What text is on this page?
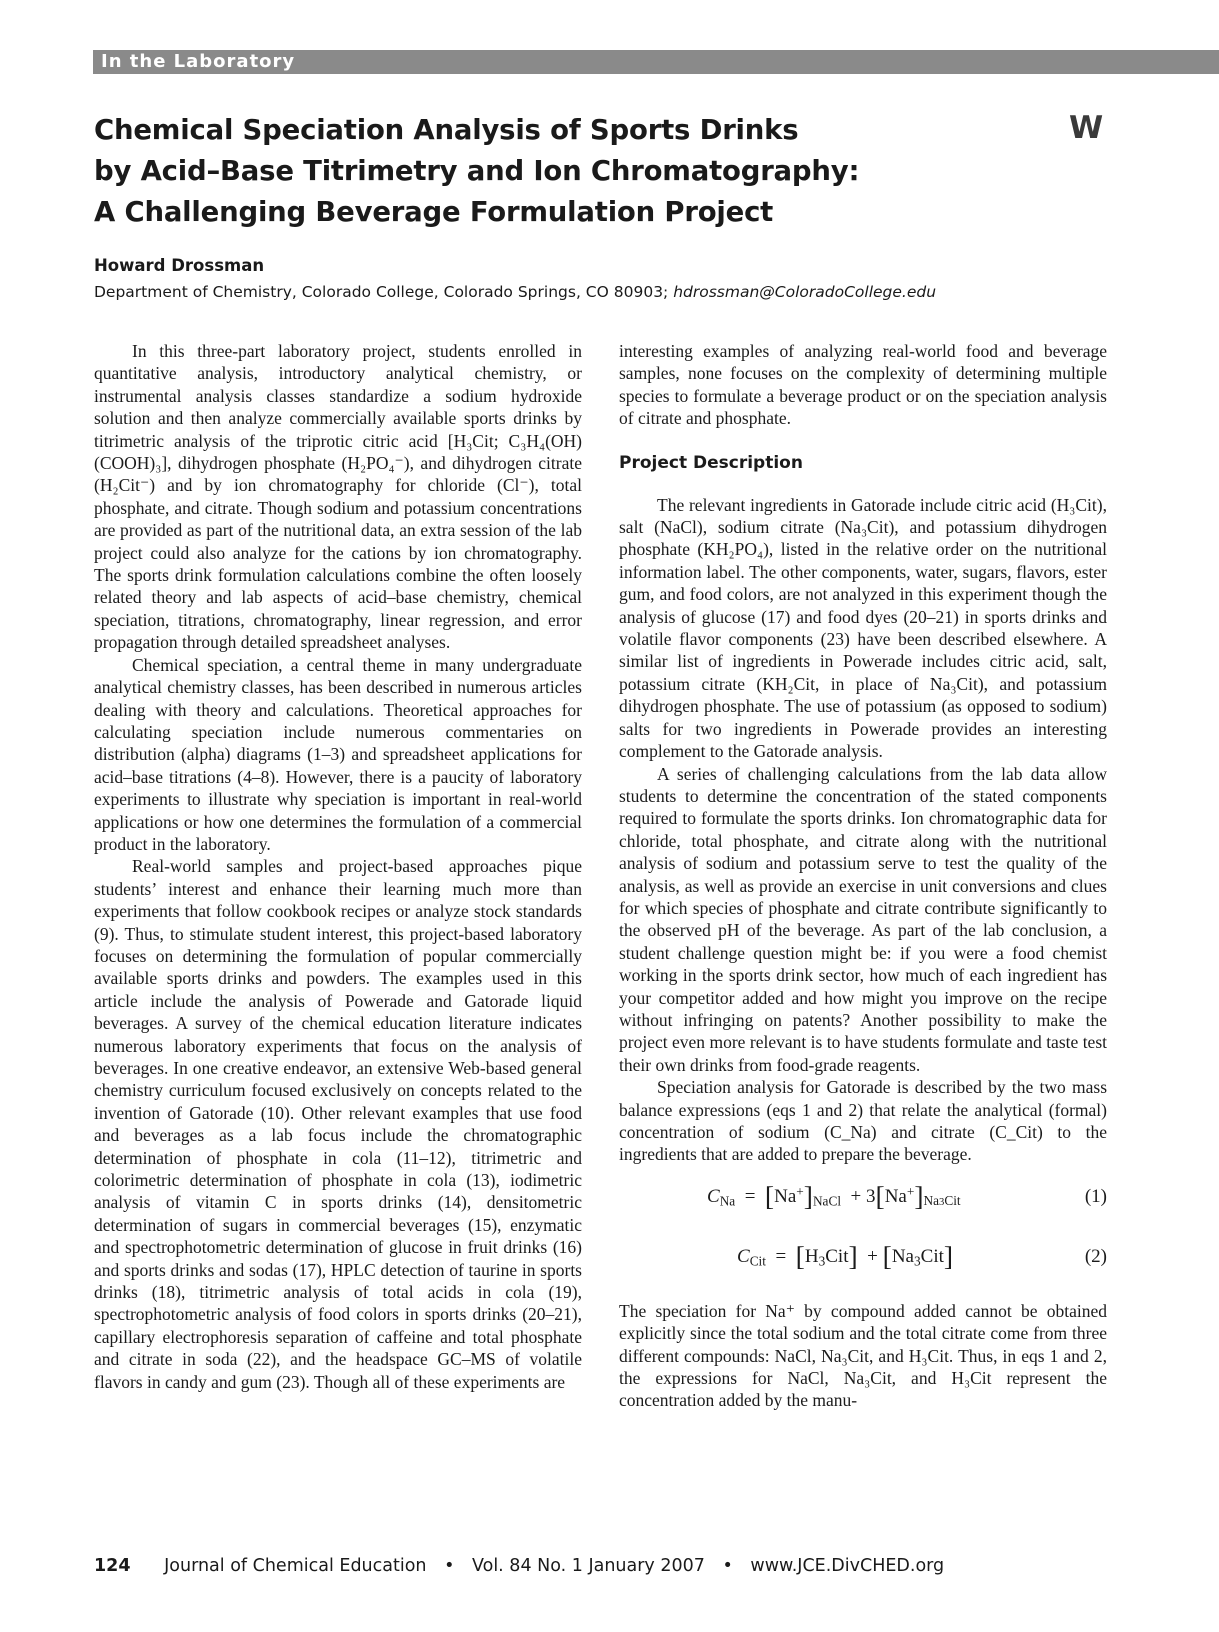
In the Laboratory
Chemical Speciation Analysis of Sports Drinks
by Acid–Base Titrimetry and Ion Chromatography:
A Challenging Beverage Formulation Project
W
Howard Drossman
Department of Chemistry, Colorado College, Colorado Springs, CO 80903; hdrossman@ColoradoCollege.edu

In this three-part laboratory project, students enrolled in quantitative analysis, introductory analytical chemistry, or instrumental analysis classes standardize a sodium hydroxide solution and then analyze commercially available sports drinks by titrimetric analysis of the triprotic citric acid [H₃Cit; C₃H₄(OH)(COOH)₃], dihydrogen phosphate (H₂PO₄⁻), and dihydrogen citrate (H₂Cit⁻) and by ion chromatography for chloride (Cl⁻), total phosphate, and citrate. Though sodium and potassium concentrations are provided as part of the nutritional data, an extra session of the lab project could also analyze for the cations by ion chromatography. The sports drink formulation calculations combine the often loosely related theory and lab aspects of acid–base chemistry, chemical speciation, titrations, chromatography, linear regression, and error propagation through detailed spreadsheet analyses.

Chemical speciation, a central theme in many undergraduate analytical chemistry classes, has been described in numerous articles dealing with theory and calculations. Theoretical approaches for calculating speciation include numerous commentaries on distribution (alpha) diagrams (1–3) and spreadsheet applications for acid–base titrations (4–8). However, there is a paucity of laboratory experiments to illustrate why speciation is important in real-world applications or how one determines the formulation of a commercial product in the laboratory.

Real-world samples and project-based approaches pique students’ interest and enhance their learning much more than experiments that follow cookbook recipes or analyze stock standards (9). Thus, to stimulate student interest, this project-based laboratory focuses on determining the formulation of popular commercially available sports drinks and powders. The examples used in this article include the analysis of Powerade and Gatorade liquid beverages. A survey of the chemical education literature indicates numerous laboratory experiments that focus on the analysis of beverages. In one creative endeavor, an extensive Web-based general chemistry curriculum focused exclusively on concepts related to the invention of Gatorade (10). Other relevant examples that use food and beverages as a lab focus include the chromatographic determination of phosphate in cola (11–12), titrimetric and colorimetric determination of phosphate in cola (13), iodimetric analysis of vitamin C in sports drinks (14), densitometric determination of sugars in commercial beverages (15), enzymatic and spectrophotometric determination of glucose in fruit drinks (16) and sports drinks and sodas (17), HPLC detection of taurine in sports drinks (18), titrimetric analysis of total acids in cola (19), spectrophotometric analysis of food colors in sports drinks (20–21), capillary electrophoresis separation of caffeine and total phosphate and citrate in soda (22), and the headspace GC–MS of volatile flavors in candy and gum (23). Though all of these experiments are

interesting examples of analyzing real-world food and beverage samples, none focuses on the complexity of determining multiple species to formulate a beverage product or on the speciation analysis of citrate and phosphate.

Project Description

The relevant ingredients in Gatorade include citric acid (H₃Cit), salt (NaCl), sodium citrate (Na₃Cit), and potassium dihydrogen phosphate (KH₂PO₄), listed in the relative order on the nutritional information label. The other components, water, sugars, flavors, ester gum, and food colors, are not analyzed in this experiment though the analysis of glucose (17) and food dyes (20–21) in sports drinks and volatile flavor components (23) have been described elsewhere. A similar list of ingredients in Powerade includes citric acid, salt, potassium citrate (KH₂Cit, in place of Na₃Cit), and potassium dihydrogen phosphate. The use of potassium (as opposed to sodium) salts for two ingredients in Powerade provides an interesting complement to the Gatorade analysis.

A series of challenging calculations from the lab data allow students to determine the concentration of the stated components required to formulate the sports drinks. Ion chromatographic data for chloride, total phosphate, and citrate along with the nutritional analysis of sodium and potassium serve to test the quality of the analysis, as well as provide an exercise in unit conversions and clues for which species of phosphate and citrate contribute significantly to the observed pH of the beverage. As part of the lab conclusion, a student challenge question might be: if you were a food chemist working in the sports drink sector, how much of each ingredient has your competitor added and how might you improve on the recipe without infringing on patents? Another possibility to make the project even more relevant is to have students formulate and taste test their own drinks from food-grade reagents.

Speciation analysis for Gatorade is described by the two mass balance expressions (eqs 1 and 2) that relate the analytical (formal) concentration of sodium (C_Na) and citrate (C_Cit) to the ingredients that are added to prepare the beverage.

$C_{Na} = [Na^+]_{NaCl} + 3[Na^+]_{Na3Cit}$	(1)
$C_{Cit} = [H_3Cit] + [Na_3Cit]$	(2)

The speciation for Na⁺ by compound added cannot be obtained explicitly since the total sodium and the total citrate come from three different compounds: NaCl, Na₃Cit, and H₃Cit. Thus, in eqs 1 and 2, the expressions for NaCl, Na₃Cit, and H₃Cit represent the concentration added by the manu-

124 Journal of Chemical Education • Vol. 84 No. 1 January 2007 • www.JCE.DivCHED.org
